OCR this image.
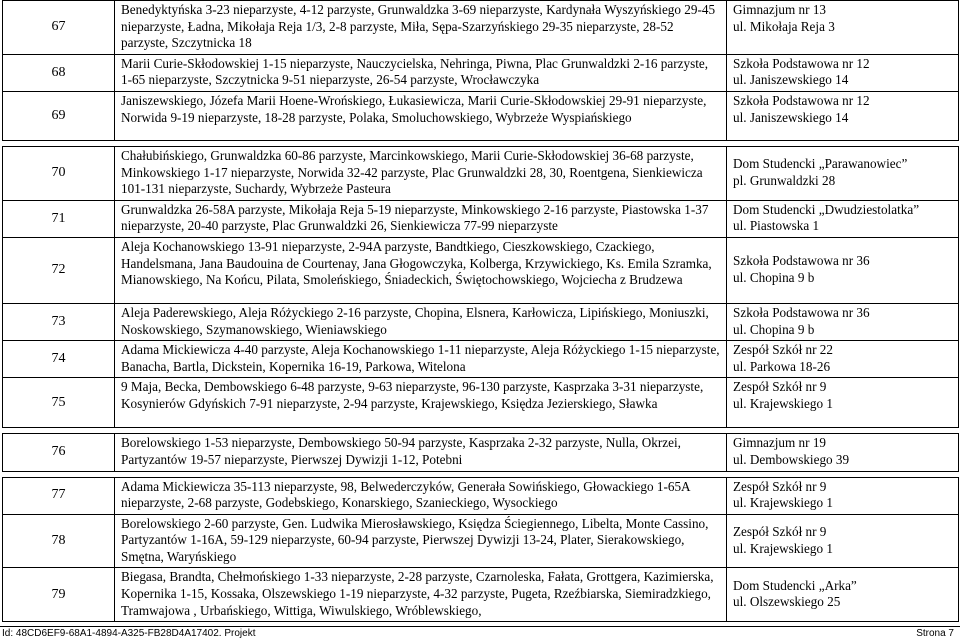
67	Benedyktyńska 3-23 nieparzyste, 4-12 parzyste, Grunwaldzka 3-69 nieparzyste, Kardynała Wyszyńskiego 29-45 nieparzyste, Ładna, Mikołaja Reja 1/3, 2-8 parzyste, Miła, Sępa-Szarzyńskiego 29-35 nieparzyste, 28-52 parzyste, Szczytnicka 18	Gimnazjum nr 13
ul. Mikołaja Reja 3

68	Marii Curie-Skłodowskiej 1-15 nieparzyste, Nauczycielska, Nehringa, Piwna, Plac Grunwaldzki 2-16 parzyste, 1-65 nieparzyste, Szczytnicka 9-51 nieparzyste, 26-54 parzyste, Wrocławczyka	Szkoła Podstawowa nr 12
ul. Janiszewskiego 14

69	Janiszewskiego, Józefa Marii Hoene-Wrońskiego, Łukasiewicza, Marii Curie-Skłodowskiej 29-91 nieparzyste, Norwida 9-19 nieparzyste, 18-28 parzyste, Polaka, Smoluchowskiego, Wybrzeże Wyspiańskiego	Szkoła Podstawowa nr 12
ul. Janiszewskiego 14

70	Chałubińskiego, Grunwaldzka 60-86 parzyste, Marcinkowskiego, Marii Curie-Skłodowskiej 36-68 parzyste, Minkowskiego 1-17 nieparzyste, Norwida 32-42 parzyste, Plac Grunwaldzki 28, 30, Roentgena, Sienkiewicza 101-131 nieparzyste, Suchardy, Wybrzeże Pasteura	Dom Studencki „Parawanowiec”
pl. Grunwaldzki 28

71	Grunwaldzka 26-58A parzyste, Mikołaja Reja 5-19 nieparzyste, Minkowskiego 2-16 parzyste, Piastowska 1-37 nieparzyste, 20-40 parzyste, Plac Grunwaldzki 26, Sienkiewicza 77-99 nieparzyste	Dom Studencki „Dwudziestolatka”
ul. Piastowska 1

72	Aleja Kochanowskiego 13-91 nieparzyste, 2-94A parzyste, Bandtkiego, Cieszkowskiego, Czackiego, Handelsmana, Jana Baudouina de Courtenay, Jana Głogowczyka, Kolberga, Krzywickiego, Ks. Emila Szramka, Mianowskiego, Na Końcu, Pilata, Smoleńskiego, Śniadeckich, Świętochowskiego, Wojciecha z Brudzewa	Szkoła Podstawowa nr 36
ul. Chopina 9 b

73	Aleja Paderewskiego, Aleja Różyckiego 2-16 parzyste, Chopina, Elsnera, Karłowicza, Lipińskiego, Moniuszki, Noskowskiego, Szymanowskiego, Wieniawskiego	Szkoła Podstawowa nr 36
ul. Chopina 9 b

74	Adama Mickiewicza 4-40 parzyste, Aleja Kochanowskiego 1-11 nieparzyste, Aleja Różyckiego 1-15 nieparzyste, Banacha, Bartla, Dickstein, Kopernika 16-19, Parkowa, Witelona	Zespół Szkół nr 22
ul. Parkowa 18-26

75	9 Maja, Becka, Dembowskiego 6-48 parzyste, 9-63 nieparzyste, 96-130 parzyste, Kasprzaka 3-31 nieparzyste, Kosynierów Gdyńskich 7-91 nieparzyste, 2-94 parzyste, Krajewskiego, Księdza Jezierskiego, Sławka	Zespół Szkół nr 9
ul. Krajewskiego 1

76	Borelowskiego 1-53 nieparzyste, Dembowskiego 50-94 parzyste, Kasprzaka 2-32 parzyste, Nulla, Okrzei, Partyzantów 19-57 nieparzyste, Pierwszej Dywizji 1-12, Potebni	Gimnazjum nr 19
ul. Dembowskiego 39

77	Adama Mickiewicza 35-113 nieparzyste, 98, Belwederczyków, Generała Sowińskiego, Głowackiego 1-65A nieparzyste, 2-68 parzyste, Godebskiego, Konarskiego, Szanieckiego, Wysockiego	Zespół Szkół nr 9
ul. Krajewskiego 1

78	Borelowskiego 2-60 parzyste, Gen. Ludwika Mierosławskiego, Księdza Ściegiennego, Libelta, Monte Cassino, Partyzantów 1-16A, 59-129 nieparzyste, 60-94 parzyste, Pierwszej Dywizji 13-24, Plater, Sierakowskiego, Smętna, Waryńskiego	Zespół Szkół nr 9
ul. Krajewskiego 1

79	Biegasa, Brandta, Chełmońskiego 1-33 nieparzyste, 2-28 parzyste, Czarnoleska, Fałata, Grottgera, Kazimierska, Kopernika 1-15, Kossaka, Olszewskiego 1-19 nieparzyste, 4-32 parzyste, Pugeta, Rzeźbiarska, Siemiradzkiego, Tramwajowa , Urbańskiego, Wittiga, Wiwulskiego, Wróblewskiego,	Dom Studencki „Arka”
ul. Olszewskiego 25
Id: 48CD6EF9-68A1-4894-A325-FB28D4A17402. Projekt	Strona 7
